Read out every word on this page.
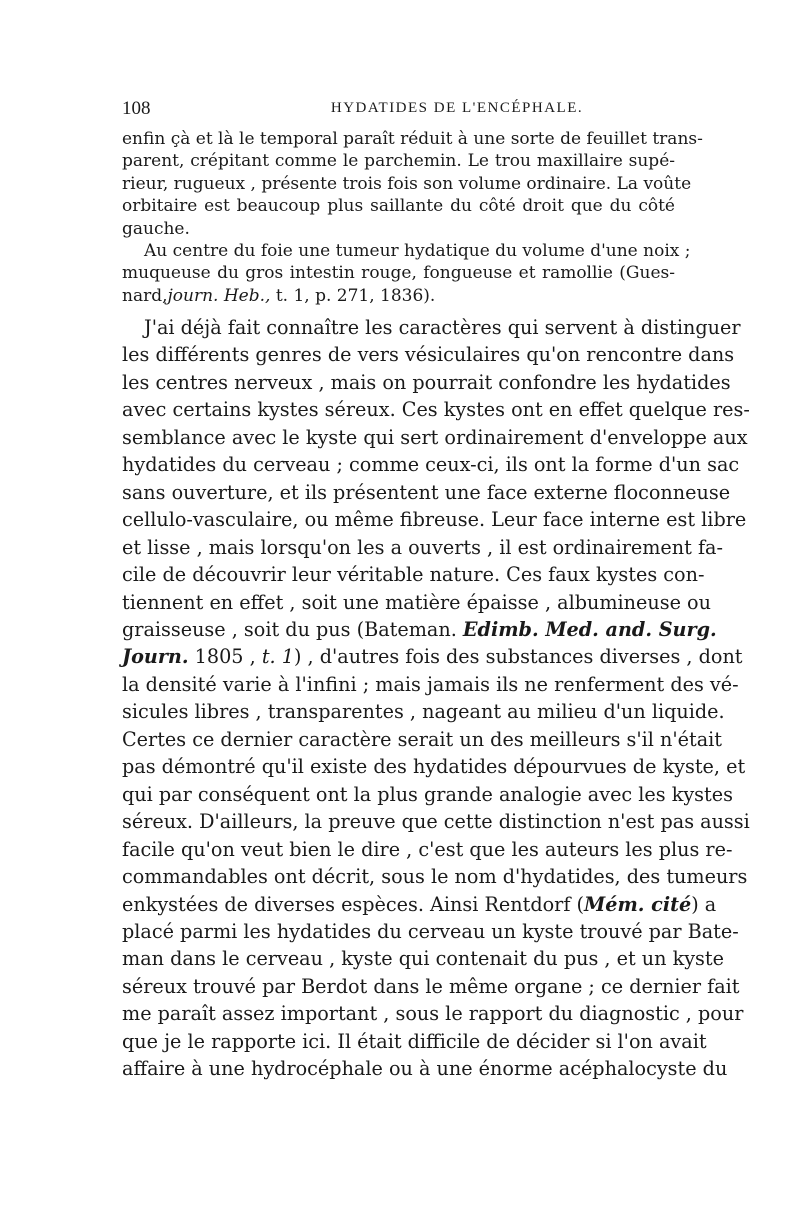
108	HYDATIDES DE L'ENCÉPHALE.
enfin çà et là le temporal paraît réduit à une sorte de feuillet trans-
parent, crépitant comme le parchemin. Le trou maxillaire supé-
rieur, rugueux , présente trois fois son volume ordinaire. La voûte
orbitaire est beaucoup plus saillante du côté droit que du côté
gauche.
Au centre du foie une tumeur hydatique du volume d'une noix ;
muqueuse du gros intestin rouge, fongueuse et ramollie (Gues-
nard,journ. Heb., t. 1, p. 271, 1836).
J'ai déjà fait connaître les caractères qui servent à distinguer
les différents genres de vers vésiculaires qu'on rencontre dans
les centres nerveux , mais on pourrait confondre les hydatides
avec certains kystes séreux. Ces kystes ont en effet quelque res-
semblance avec le kyste qui sert ordinairement d'enveloppe aux
hydatides du cerveau ; comme ceux-ci, ils ont la forme d'un sac
sans ouverture, et ils présentent une face externe floconneuse
cellulo-vasculaire, ou même fibreuse. Leur face interne est libre
et lisse , mais lorsqu'on les a ouverts , il est ordinairement fa-
cile de découvrir leur véritable nature. Ces faux kystes con-
tiennent en effet , soit une matière épaisse , albumineuse ou
graisseuse , soit du pus (Bateman. Edimb. Med. and. Surg.
Journ. 1805 , t. 1) , d'autres fois des substances diverses , dont
la densité varie à l'infini ; mais jamais ils ne renferment des vé-
sicules libres , transparentes , nageant au milieu d'un liquide.
Certes ce dernier caractère serait un des meilleurs s'il n'était
pas démontré qu'il existe des hydatides dépourvues de kyste, et
qui par conséquent ont la plus grande analogie avec les kystes
séreux. D'ailleurs, la preuve que cette distinction n'est pas aussi
facile qu'on veut bien le dire , c'est que les auteurs les plus re-
commandables ont décrit, sous le nom d'hydatides, des tumeurs
enkystées de diverses espèces. Ainsi Rentdorf (Mém. cité) a
placé parmi les hydatides du cerveau un kyste trouvé par Bate-
man dans le cerveau , kyste qui contenait du pus , et un kyste
séreux trouvé par Berdot dans le même organe ; ce dernier fait
me paraît assez important , sous le rapport du diagnostic , pour
que je le rapporte ici. Il était difficile de décider si l'on avait
affaire à une hydrocéphale ou à une énorme acéphalocyste du
